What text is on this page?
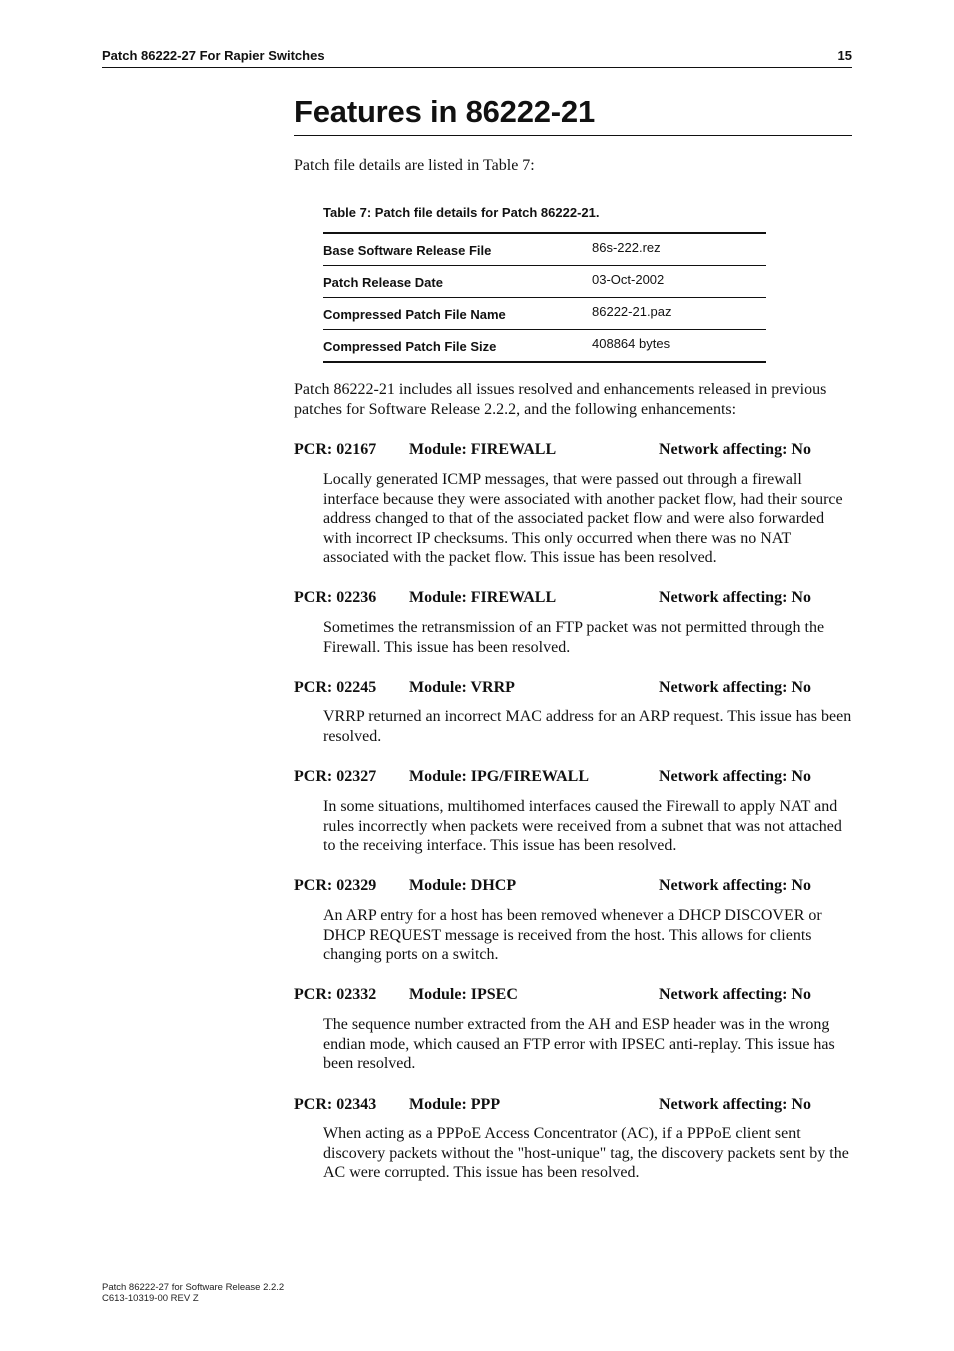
Patch 86222-27 For Rapier Switches	15
Features in 86222-21

Patch file details are listed in Table 7:

Table 7: Patch file details for Patch 86222-21.
Base Software Release File	86s-222.rez
Patch Release Date	03-Oct-2002
Compressed Patch File Name	86222-21.paz
Compressed Patch File Size	408864 bytes

Patch 86222-21 includes all issues resolved and enhancements released in previous patches for Software Release 2.2.2, and the following enhancements:

PCR: 02167 Module: FIREWALL	Network affecting: No

Locally generated ICMP messages, that were passed out through a firewall interface because they were associated with another packet flow, had their source address changed to that of the associated packet flow and were also forwarded with incorrect IP checksums. This only occurred when there was no NAT associated with the packet flow. This issue has been resolved.

PCR: 02236 Module: FIREWALL	Network affecting: No

Sometimes the retransmission of an FTP packet was not permitted through the Firewall. This issue has been resolved.

PCR: 02245 Module: VRRP	Network affecting: No

VRRP returned an incorrect MAC address for an ARP request. This issue has been resolved.

PCR: 02327 Module: IPG/FIREWALL	Network affecting: No

In some situations, multihomed interfaces caused the Firewall to apply NAT and rules incorrectly when packets were received from a subnet that was not attached to the receiving interface. This issue has been resolved.

PCR: 02329 Module: DHCP	Network affecting: No

An ARP entry for a host has been removed whenever a DHCP DISCOVER or DHCP REQUEST message is received from the host. This allows for clients changing ports on a switch.

PCR: 02332 Module: IPSEC	Network affecting: No

The sequence number extracted from the AH and ESP header was in the wrong endian mode, which caused an FTP error with IPSEC anti-replay. This issue has been resolved.

PCR: 02343 Module: PPP	Network affecting: No

When acting as a PPPoE Access Concentrator (AC), if a PPPoE client sent discovery packets without the "host-unique" tag, the discovery packets sent by the AC were corrupted. This issue has been resolved.

Patch 86222-27 for Software Release 2.2.2
C613-10319-00 REV Z
